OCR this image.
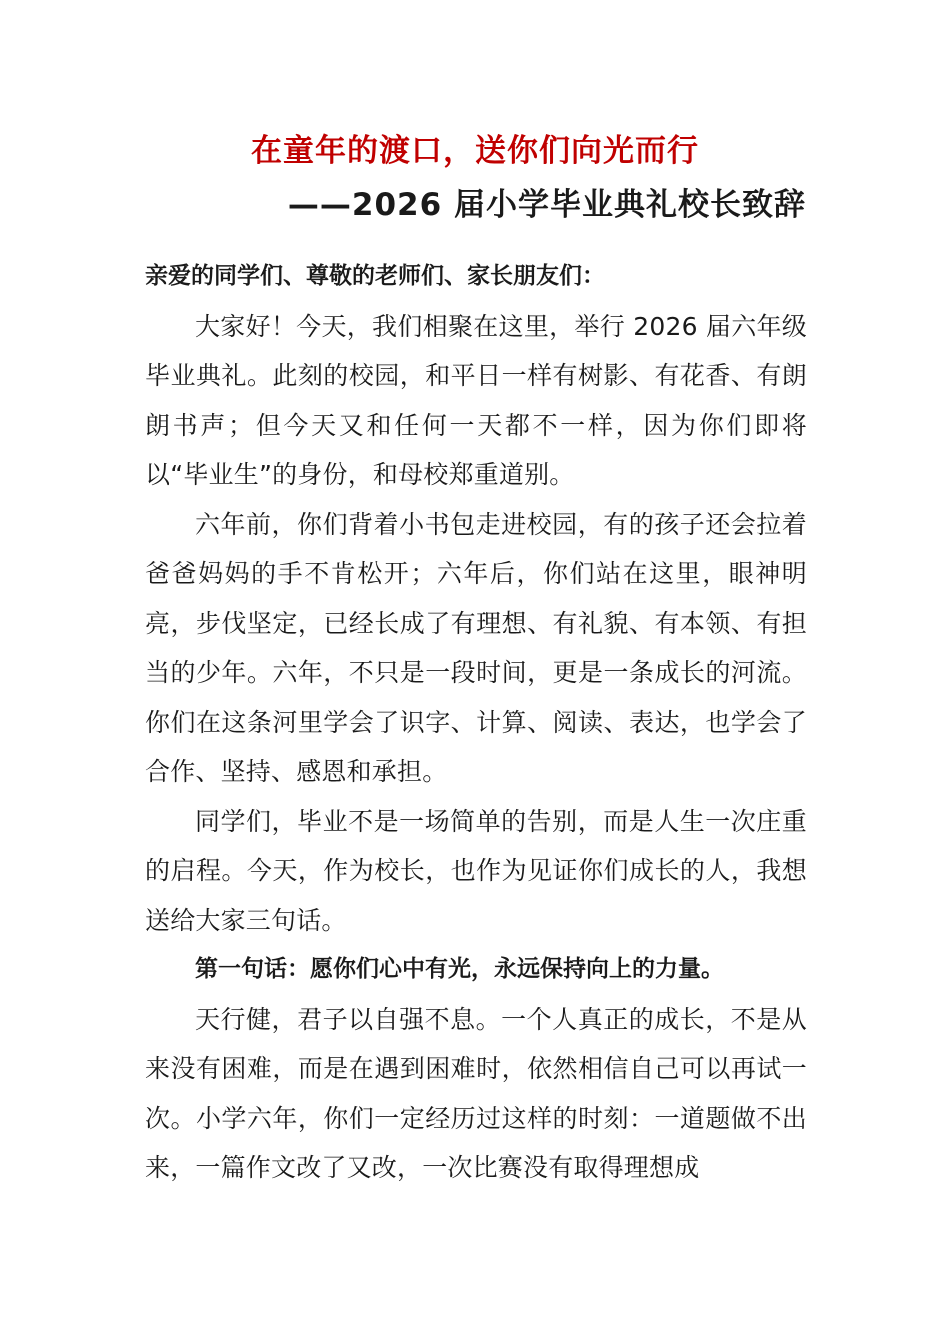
在童年的渡口，送你们向光而行
——2026 届小学毕业典礼校长致辞

亲爱的同学们、尊敬的老师们、家长朋友们：

大家好！今天，我们相聚在这里，举行 2026 届六年级毕业典礼。此刻的校园，和平日一样有树影、有花香、有朗朗书声；但今天又和任何一天都不一样，因为你们即将以“毕业生”的身份，和母校郑重道别。

六年前，你们背着小书包走进校园，有的孩子还会拉着爸爸妈妈的手不肯松开；六年后，你们站在这里，眼神明亮，步伐坚定，已经长成了有理想、有礼貌、有本领、有担当的少年。六年，不只是一段时间，更是一条成长的河流。你们在这条河里学会了识字、计算、阅读、表达，也学会了合作、坚持、感恩和承担。

同学们，毕业不是一场简单的告别，而是人生一次庄重的启程。今天，作为校长，也作为见证你们成长的人，我想送给大家三句话。

第一句话：愿你们心中有光，永远保持向上的力量。

天行健，君子以自强不息。一个人真正的成长，不是从来没有困难，而是在遇到困难时，依然相信自己可以再试一次。小学六年，你们一定经历过这样的时刻：一道题做不出来，一篇作文改了又改，一次比赛没有取得理想成
